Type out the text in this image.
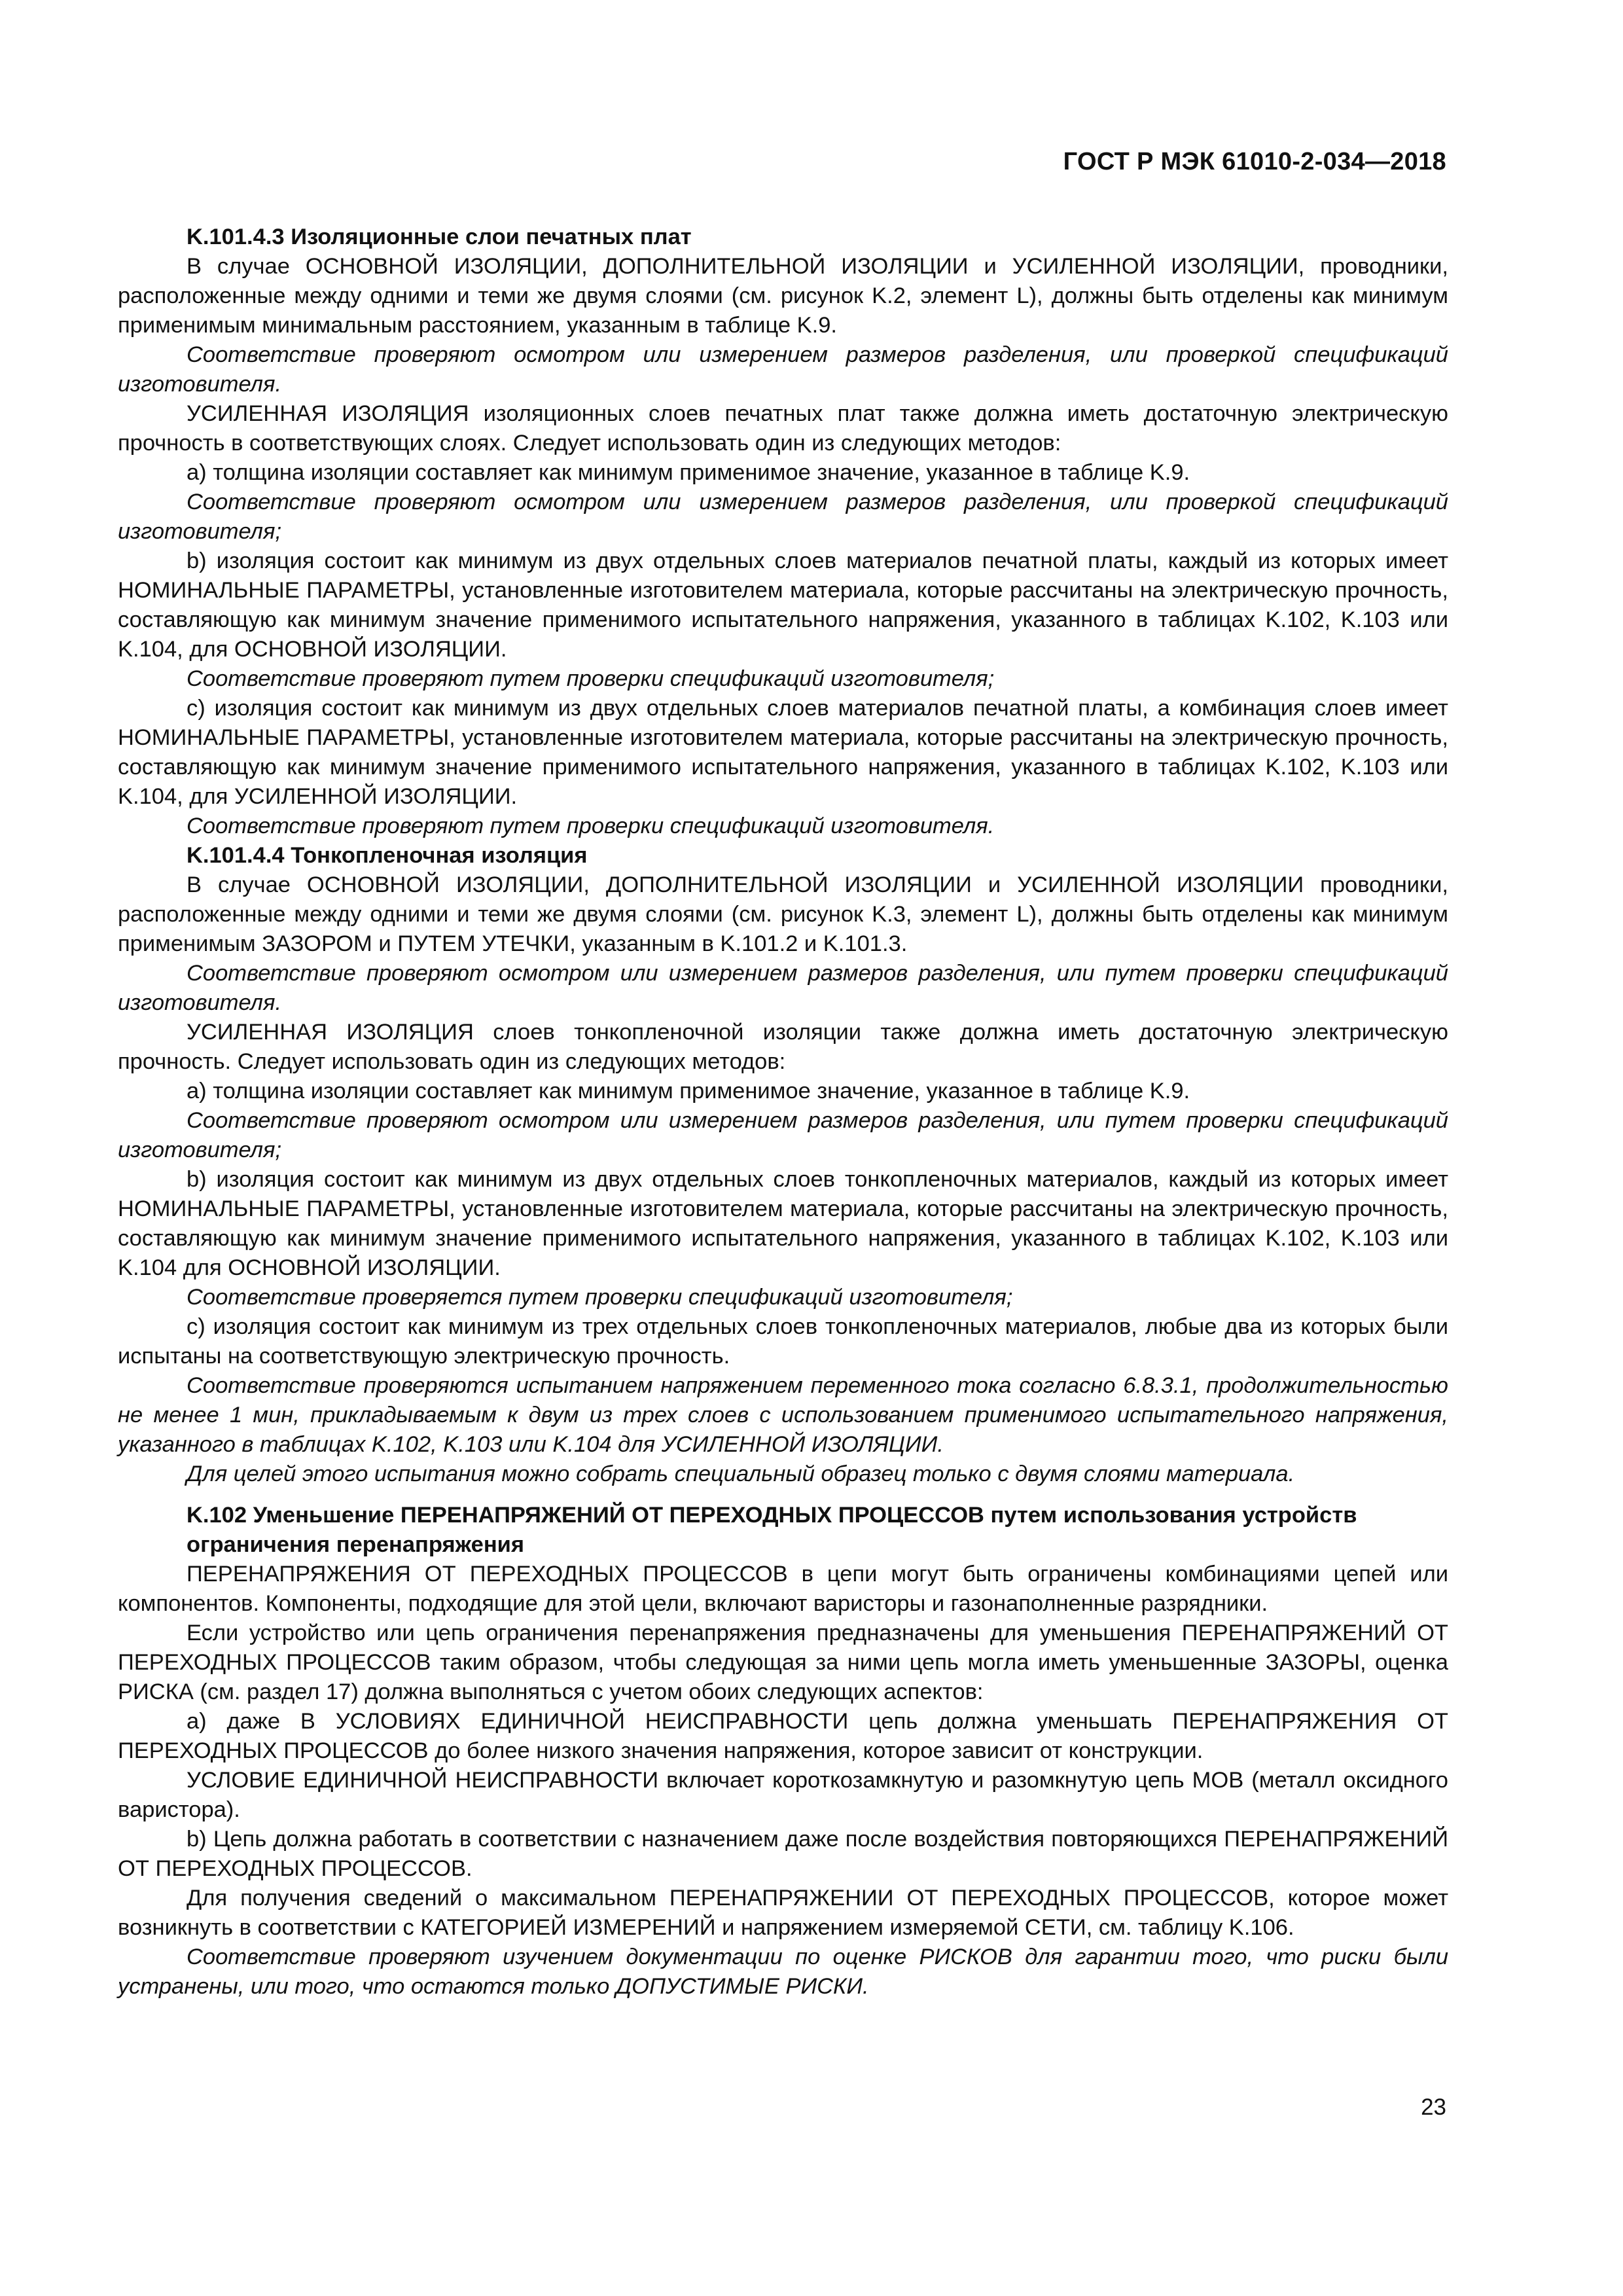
ГОСТ Р МЭК 61010-2-034—2018

K.101.4.3 Изоляционные слои печатных плат

В случае ОСНОВНОЙ ИЗОЛЯЦИИ, ДОПОЛНИТЕЛЬНОЙ ИЗОЛЯЦИИ и УСИЛЕННОЙ ИЗОЛЯЦИИ, проводники, расположенные между одними и теми же двумя слоями (см. рисунок K.2, элемент L), должны быть отделены как минимум применимым минимальным расстоянием, указанным в таблице K.9.

Соответствие проверяют осмотром или измерением размеров разделения, или проверкой спецификаций изготовителя.

УСИЛЕННАЯ ИЗОЛЯЦИЯ изоляционных слоев печатных плат также должна иметь достаточную электрическую прочность в соответствующих слоях. Следует использовать один из следующих методов:

a) толщина изоляции составляет как минимум применимое значение, указанное в таблице K.9.

Соответствие проверяют осмотром или измерением размеров разделения, или проверкой спецификаций изготовителя;

b) изоляция состоит как минимум из двух отдельных слоев материалов печатной платы, каждый из которых имеет НОМИНАЛЬНЫЕ ПАРАМЕТРЫ, установленные изготовителем материала, которые рассчитаны на электрическую прочность, составляющую как минимум значение применимого испытательного напряжения, указанного в таблицах K.102, K.103 или K.104, для ОСНОВНОЙ ИЗОЛЯЦИИ.

Соответствие проверяют путем проверки спецификаций изготовителя;

c) изоляция состоит как минимум из двух отдельных слоев материалов печатной платы, а комбинация слоев имеет НОМИНАЛЬНЫЕ ПАРАМЕТРЫ, установленные изготовителем материала, которые рассчитаны на электрическую прочность, составляющую как минимум значение применимого испытательного напряжения, указанного в таблицах K.102, K.103 или K.104, для УСИЛЕННОЙ ИЗОЛЯЦИИ.

Соответствие проверяют путем проверки спецификаций изготовителя.

K.101.4.4 Тонкопленочная изоляция

В случае ОСНОВНОЙ ИЗОЛЯЦИИ, ДОПОЛНИТЕЛЬНОЙ ИЗОЛЯЦИИ и УСИЛЕННОЙ ИЗОЛЯЦИИ проводники, расположенные между одними и теми же двумя слоями (см. рисунок K.3, элемент L), должны быть отделены как минимум применимым ЗАЗОРОМ и ПУТЕМ УТЕЧКИ, указанным в K.101.2 и K.101.3.

Соответствие проверяют осмотром или измерением размеров разделения, или путем проверки спецификаций изготовителя.

УСИЛЕННАЯ ИЗОЛЯЦИЯ слоев тонкопленочной изоляции также должна иметь достаточную электрическую прочность. Следует использовать один из следующих методов:

a) толщина изоляции составляет как минимум применимое значение, указанное в таблице K.9.

Соответствие проверяют осмотром или измерением размеров разделения, или путем проверки спецификаций изготовителя;

b) изоляция состоит как минимум из двух отдельных слоев тонкопленочных материалов, каждый из которых имеет НОМИНАЛЬНЫЕ ПАРАМЕТРЫ, установленные изготовителем материала, которые рассчитаны на электрическую прочность, составляющую как минимум значение применимого испытательного напряжения, указанного в таблицах K.102, K.103 или K.104 для ОСНОВНОЙ ИЗОЛЯЦИИ.

Соответствие проверяется путем проверки спецификаций изготовителя;

c) изоляция состоит как минимум из трех отдельных слоев тонкопленочных материалов, любые два из которых были испытаны на соответствующую электрическую прочность.

Соответствие проверяются испытанием напряжением переменного тока согласно 6.8.3.1, продолжительностью не менее 1 мин, прикладываемым к двум из трех слоев с использованием применимого испытательного напряжения, указанного в таблицах K.102, K.103 или K.104 для УСИЛЕННОЙ ИЗОЛЯЦИИ.

Для целей этого испытания можно собрать специальный образец только с двумя слоями материала.

K.102 Уменьшение ПЕРЕНАПРЯЖЕНИЙ ОТ ПЕРЕХОДНЫХ ПРОЦЕССОВ путем использования устройств ограничения перенапряжения

ПЕРЕНАПРЯЖЕНИЯ ОТ ПЕРЕХОДНЫХ ПРОЦЕССОВ в цепи могут быть ограничены комбинациями цепей или компонентов. Компоненты, подходящие для этой цели, включают варисторы и газонаполненные разрядники.

Если устройство или цепь ограничения перенапряжения предназначены для уменьшения ПЕРЕНАПРЯЖЕНИЙ ОТ ПЕРЕХОДНЫХ ПРОЦЕССОВ таким образом, чтобы следующая за ними цепь могла иметь уменьшенные ЗАЗОРЫ, оценка РИСКА (см. раздел 17) должна выполняться с учетом обоих следующих аспектов:

a) даже В УСЛОВИЯХ ЕДИНИЧНОЙ НЕИСПРАВНОСТИ цепь должна уменьшать ПЕРЕНАПРЯЖЕНИЯ ОТ ПЕРЕХОДНЫХ ПРОЦЕССОВ до более низкого значения напряжения, которое зависит от конструкции.

УСЛОВИЕ ЕДИНИЧНОЙ НЕИСПРАВНОСТИ включает короткозамкнутую и разомкнутую цепь MOB (металл оксидного варистора).

b) Цепь должна работать в соответствии с назначением даже после воздействия повторяющихся ПЕРЕНАПРЯЖЕНИЙ ОТ ПЕРЕХОДНЫХ ПРОЦЕССОВ.

Для получения сведений о максимальном ПЕРЕНАПРЯЖЕНИИ ОТ ПЕРЕХОДНЫХ ПРОЦЕССОВ, которое может возникнуть в соответствии с КАТЕГОРИЕЙ ИЗМЕРЕНИЙ и напряжением измеряемой СЕТИ, см. таблицу K.106.

Соответствие проверяют изучением документации по оценке РИСКОВ для гарантии того, что риски были устранены, или того, что остаются только ДОПУСТИМЫЕ РИСКИ.

23
